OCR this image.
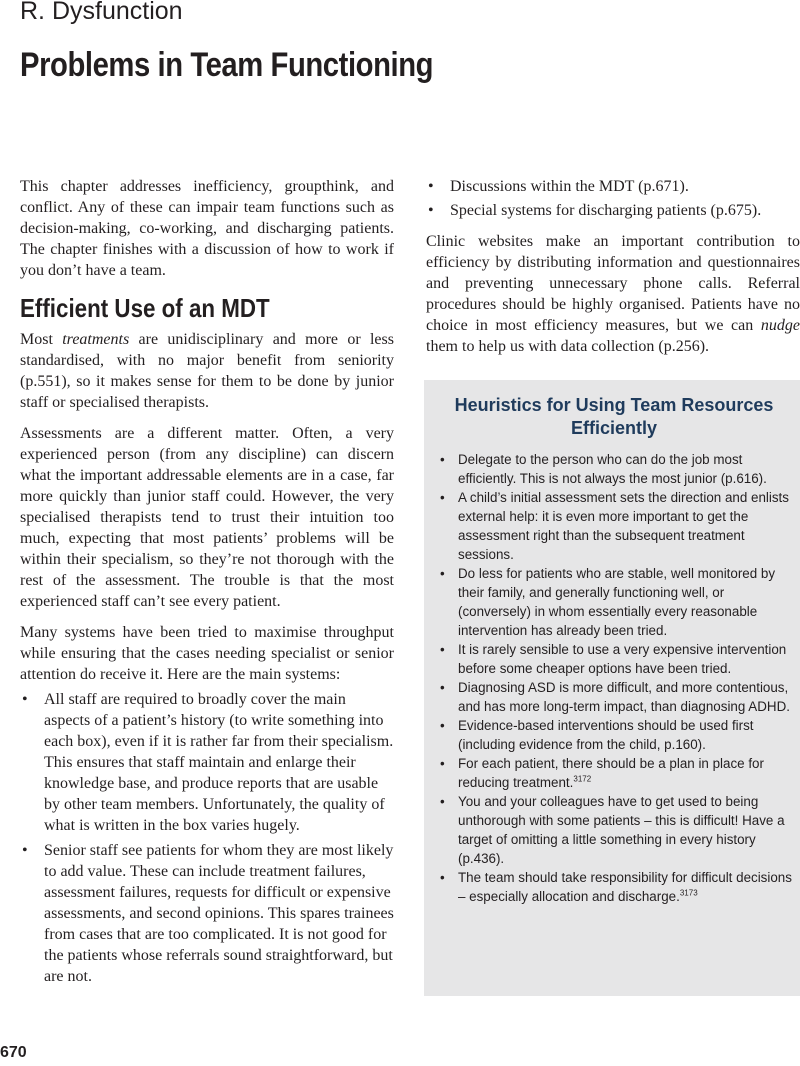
R. Dysfunction
Problems in Team Functioning

This chapter addresses inefficiency, groupthink, and conflict. Any of these can impair team functions such as decision-making, co-working, and discharging patients. The chapter finishes with a discussion of how to work if you don’t have a team.

Efficient Use of an MDT

Most treatments are unidisciplinary and more or less standardised, with no major benefit from seniority (p.551), so it makes sense for them to be done by junior staff or specialised therapists.

Assessments are a different matter. Often, a very experienced person (from any discipline) can discern what the important addressable elements are in a case, far more quickly than junior staff could. However, the very specialised therapists tend to trust their intuition too much, expecting that most patients’ problems will be within their specialism, so they’re not thorough with the rest of the assessment. The trouble is that the most experienced staff can’t see every patient.

Many systems have been tried to maximise throughput while ensuring that the cases needing specialist or senior attention do receive it. Here are the main systems:

• All staff are required to broadly cover the main aspects of a patient’s history (to write something into each box), even if it is rather far from their specialism. This ensures that staff maintain and enlarge their knowledge base, and produce reports that are usable by other team members. Unfortunately, the quality of what is written in the box varies hugely.
• Senior staff see patients for whom they are most likely to add value. These can include treatment failures, assessment failures, requests for difficult or expensive assessments, and second opinions. This spares trainees from cases that are too complicated. It is not good for the patients whose referrals sound straightforward, but are not.
• Discussions within the MDT (p.671).
• Special systems for discharging patients (p.675).

Clinic websites make an important contribution to efficiency by distributing information and questionnaires and preventing unnecessary phone calls. Referral procedures should be highly organised. Patients have no choice in most efficiency measures, but we can nudge them to help us with data collection (p.256).

Heuristics for Using Team Resources Efficiently
• Delegate to the person who can do the job most efficiently. This is not always the most junior (p.616).
• A child’s initial assessment sets the direction and enlists external help: it is even more important to get the assessment right than the subsequent treatment sessions.
• Do less for patients who are stable, well monitored by their family, and generally functioning well, or (conversely) in whom essentially every reasonable intervention has already been tried.
• It is rarely sensible to use a very expensive intervention before some cheaper options have been tried.
• Diagnosing ASD is more difficult, and more contentious, and has more long-term impact, than diagnosing ADHD.
• Evidence-based interventions should be used first (including evidence from the child, p.160).
• For each patient, there should be a plan in place for reducing treatment.$^{3172}$
• You and your colleagues have to get used to being unthorough with some patients – this is difficult! Have a target of omitting a little something in every history (p.436).
• The team should take responsibility for difficult decisions – especially allocation and discharge.$^{3173}$
670
